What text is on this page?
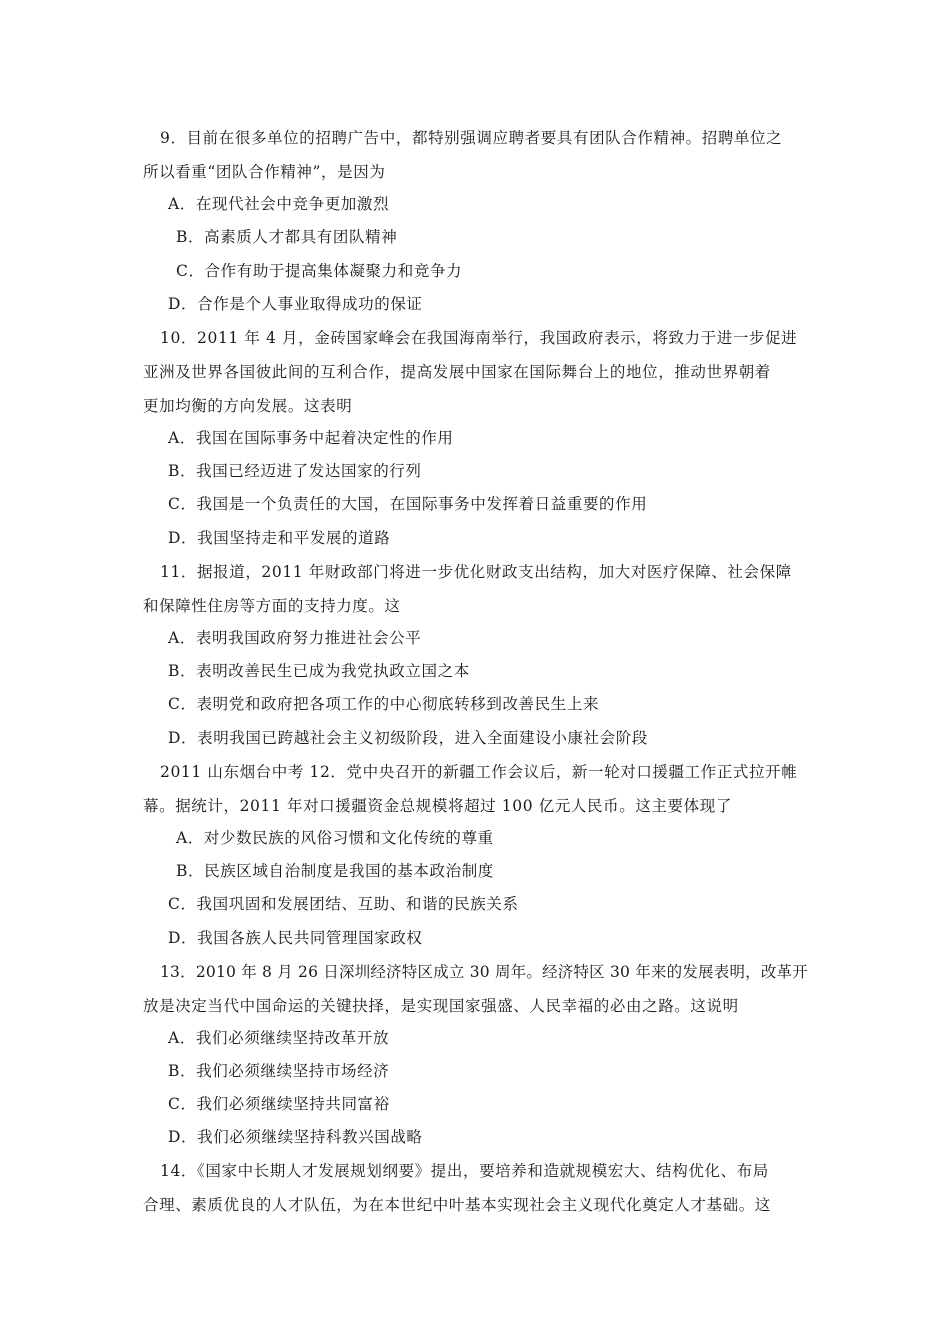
9．目前在很多单位的招聘广告中，都特别强调应聘者要具有团队合作精神。招聘单位之
所以看重“团队合作精神”，是因为
A．在现代社会中竞争更加激烈
B．高素质人才都具有团队精神
C．合作有助于提高集体凝聚力和竞争力
D．合作是个人事业取得成功的保证
10．2011 年 4 月，金砖国家峰会在我国海南举行，我国政府表示，将致力于进一步促进
亚洲及世界各国彼此间的互利合作，提高发展中国家在国际舞台上的地位，推动世界朝着
更加均衡的方向发展。这表明
A．我国在国际事务中起着决定性的作用
B．我国已经迈进了发达国家的行列
C．我国是一个负责任的大国，在国际事务中发挥着日益重要的作用
D．我国坚持走和平发展的道路
11．据报道，2011 年财政部门将进一步优化财政支出结构，加大对医疗保障、社会保障
和保障性住房等方面的支持力度。这
A．表明我国政府努力推进社会公平
B．表明改善民生已成为我党执政立国之本
C．表明党和政府把各项工作的中心彻底转移到改善民生上来
D．表明我国已跨越社会主义初级阶段，进入全面建设小康社会阶段
2011 山东烟台中考 12．党中央召开的新疆工作会议后，新一轮对口援疆工作正式拉开帷
幕。据统计，2011 年对口援疆资金总规模将超过 100 亿元人民币。这主要体现了
A．对少数民族的风俗习惯和文化传统的尊重
B．民族区域自治制度是我国的基本政治制度
C．我国巩固和发展团结、互助、和谐的民族关系
D．我国各族人民共同管理国家政权
13．2010 年 8 月 26 日深圳经济特区成立 30 周年。经济特区 30 年来的发展表明，改革开
放是决定当代中国命运的关键抉择，是实现国家强盛、人民幸福的必由之路。这说明
A．我们必须继续坚持改革开放
B．我们必须继续坚持市场经济
C．我们必须继续坚持共同富裕
D．我们必须继续坚持科教兴国战略
14．《国家中长期人才发展规划纲要》提出，要培养和造就规模宏大、结构优化、布局
合理、素质优良的人才队伍，为在本世纪中叶基本实现社会主义现代化奠定人才基础。这
